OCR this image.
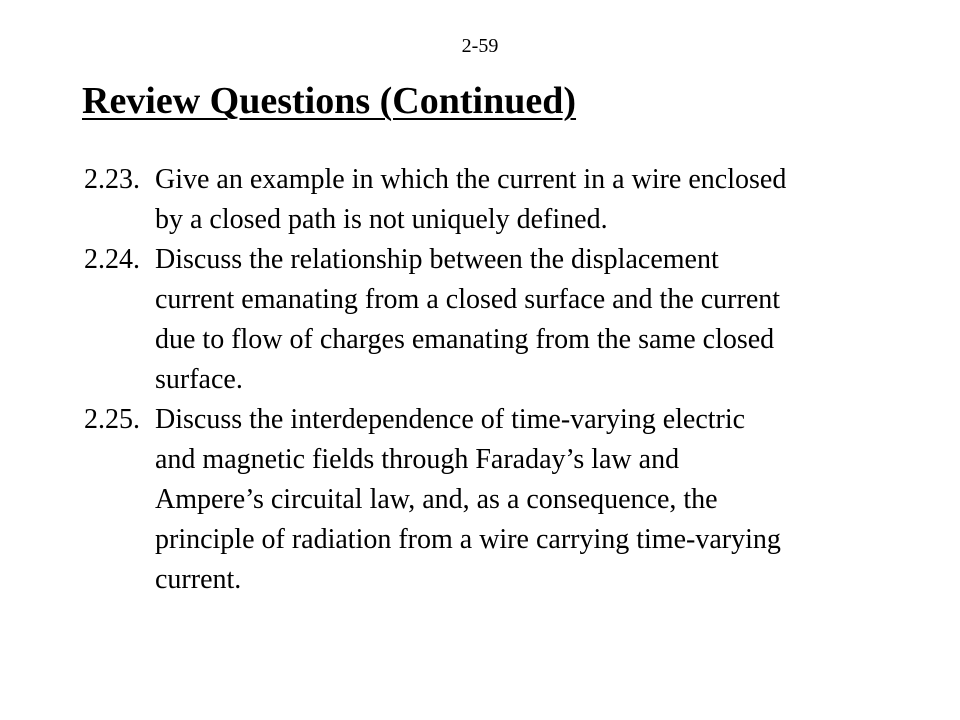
2-59
Review Questions (Continued)
2.23. Give an example in which the current in a wire enclosed
by a closed path is not uniquely defined.
2.24. Discuss the relationship between the displacement
current emanating from a closed surface and the current
due to flow of charges emanating from the same closed
surface.
2.25. Discuss the interdependence of time-varying electric
and magnetic fields through Faraday’s law and
Ampere’s circuital law, and, as a consequence, the
principle of radiation from a wire carrying time-varying
current.
